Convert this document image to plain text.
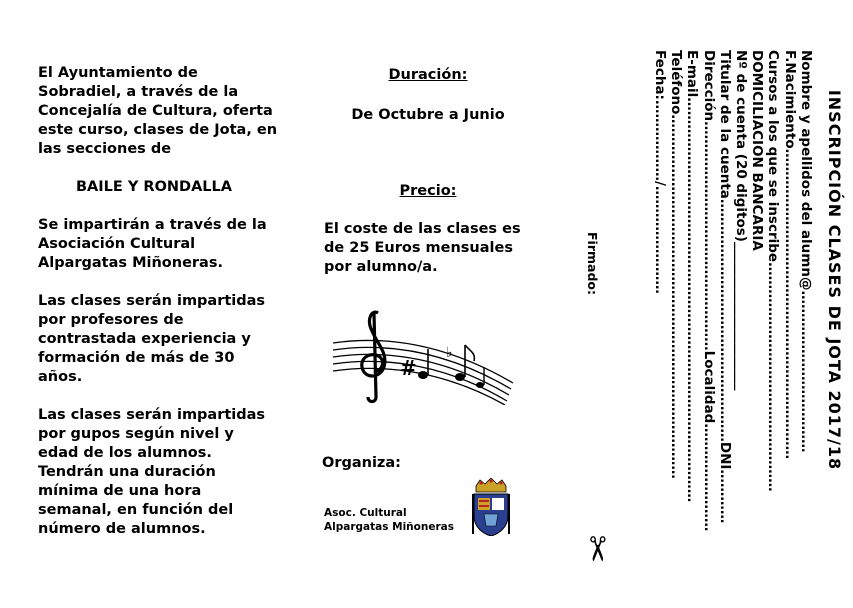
El Ayuntamiento de Sobradiel, a través de la Concejalía de Cultura, oferta este curso, clases de Jota, en las secciones de

BAILE Y RONDALLA

Se impartirán a través de la Asociación Cultural Alpargatas Miñoneras.

Las clases serán impartidas por profesores de contrastada experiencia y formación de más de 30 años.

Las clases serán impartidas por gupos según nivel y edad de los alumnos. Tendrán una duración mínima de una hora semanal, en función del número de alumnos.

Duración:
De Octubre a Junio
Precio:
El coste de las clases es de 25 Euros mensuales por alumno/a.
Organiza:
Asoc. Cultural
Alpargatas Miñoneras
#
♭
✂
INSCRIPCIÓN CLASES DE JOTA 2017/18
Nombre y apellidos del alumn@………………………………
F.Nacimiento……………………………………………………………
Cursos a los que se inscribe……………………………………………
DOMICILIACION BANCARIA
Nº de cuenta (20 digitos)______________________
Titular de la cuenta………………………………………………DNI…………
Dirección……………………………………………Localidad……………………
E-mail………………………………………………………………………………
Teléfono………………………………………………………………………
Fecha:………………/……………………
Firmado:
